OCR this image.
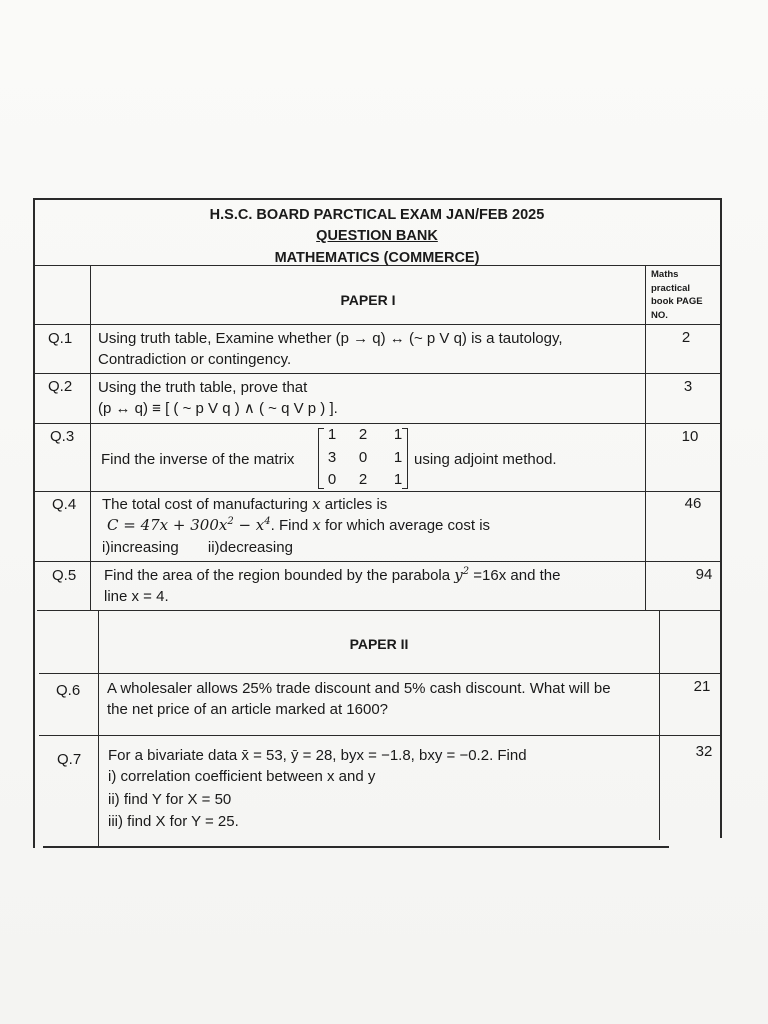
H.S.C. BOARD PARCTICAL EXAM JAN/FEB 2025
QUESTION BANK
MATHEMATICS (COMMERCE)
Maths
practical
book PAGE
NO.
PAPER I
Q.1 Using truth table, Examine whether (p → q) ↔ (~ p V q) is a tautology,
Contradiction or contingency.
2
Q.2 Using the truth table, prove that
(p ↔ q) ≡ [ ( ~ p V q ) ∧ ( ~ q V p ) ].
3
Q.3
Find the inverse of the matrix
1	2	1
3	0	1
0	2	1
using adjoint method.
10
Q.4 The total cost of manufacturing x articles is
$C = 47x + 300x^2 - x^4$. Find x for which average cost is
i)increasing       ii)decreasing
46
Q.5 Find the area of the region bounded by the parabola $y^2 =16x$ and the
line x = 4.
94
PAPER II
Q.6 A wholesaler allows 25% trade discount and 5% cash discount. What will be
the net price of an article marked at 1600?
21
Q.7 For a bivariate data x̄ = 53, ȳ = 28, byx = −1.8, bxy = −0.2. Find
i) correlation coefficient between x and y
ii) find Y for X = 50
iii) find X for Y = 25.
32
